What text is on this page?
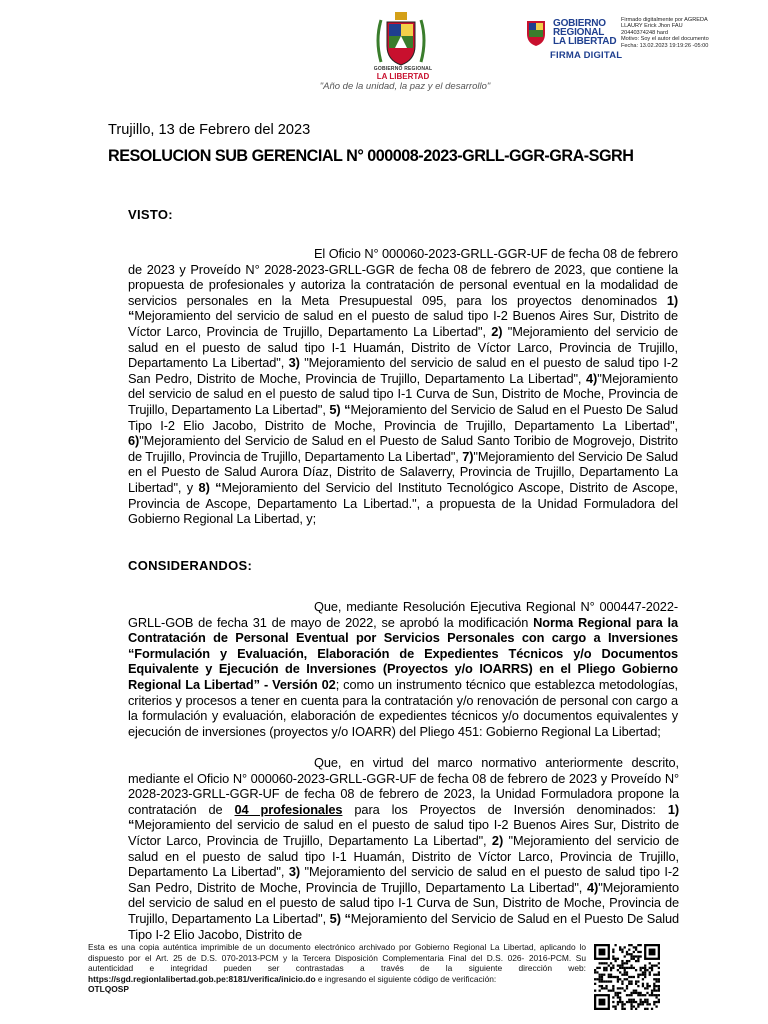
GOBIERNO REGIONAL
LA LIBERTAD
"Año de la unidad, la paz y el desarrollo"
GOBIERNO
REGIONAL
LA LIBERTAD
FIRMA DIGITAL
Firmado digitalmente por AGREDA
LLAURY Erick Jhon FAU
20440374248 hard
Motivo: Soy el autor del documento
Fecha: 13.02.2023 19:19:26 -05:00
Trujillo, 13 de Febrero del 2023
RESOLUCION SUB GERENCIAL N° 000008-2023-GRLL-GGR-GRA-SGRH
VISTO:
El Oficio N° 000060-2023-GRLL-GGR-UF de fecha 08 de febrero de 2023 y Proveído N° 2028-2023-GRLL-GGR de fecha 08 de febrero de 2023, que contiene la propuesta de profesionales y autoriza la contratación de personal eventual en la modalidad de servicios personales en la Meta Presupuestal 095, para los proyectos denominados 1) “Mejoramiento del servicio de salud en el puesto de salud tipo I-2 Buenos Aires Sur, Distrito de Víctor Larco, Provincia de Trujillo, Departamento La Libertad", 2) "Mejoramiento del servicio de salud en el puesto de salud tipo I-1 Huamán, Distrito de Víctor Larco, Provincia de Trujillo, Departamento La Libertad", 3) "Mejoramiento del servicio de salud en el puesto de salud tipo I-2 San Pedro, Distrito de Moche, Provincia de Trujillo, Departamento La Libertad", 4)"Mejoramiento del servicio de salud en el puesto de salud tipo I-1 Curva de Sun, Distrito de Moche, Provincia de Trujillo, Departamento La Libertad", 5) “Mejoramiento del Servicio de Salud en el Puesto De Salud Tipo I-2 Elio Jacobo, Distrito de Moche, Provincia de Trujillo, Departamento La Libertad", 6)"Mejoramiento del Servicio de Salud en el Puesto de Salud Santo Toribio de Mogrovejo, Distrito de Trujillo, Provincia de Trujillo, Departamento La Libertad", 7)"Mejoramiento del Servicio De Salud en el Puesto de Salud Aurora Díaz, Distrito de Salaverry, Provincia de Trujillo, Departamento La Libertad", y 8) “Mejoramiento del Servicio del Instituto Tecnológico Ascope, Distrito de Ascope, Provincia de Ascope, Departamento La Libertad.", a propuesta de la Unidad Formuladora del Gobierno Regional La Libertad, y;
CONSIDERANDOS:
Que, mediante Resolución Ejecutiva Regional N° 000447-2022-GRLL-GOB de fecha 31 de mayo de 2022, se aprobó la modificación Norma Regional para la Contratación de Personal Eventual por Servicios Personales con cargo a Inversiones “Formulación y Evaluación, Elaboración de Expedientes Técnicos y/o Documentos Equivalente y Ejecución de Inversiones (Proyectos y/o IOARRS) en el Pliego Gobierno Regional La Libertad” - Versión 02; como un instrumento técnico que establezca metodologías, criterios y procesos a tener en cuenta para la contratación y/o renovación de personal con cargo a la formulación y evaluación, elaboración de expedientes técnicos y/o documentos equivalentes y ejecución de inversiones (proyectos y/o IOARR) del Pliego 451: Gobierno Regional La Libertad;
Que, en virtud del marco normativo anteriormente descrito, mediante el Oficio N° 000060-2023-GRLL-GGR-UF de fecha 08 de febrero de 2023 y Proveído N° 2028-2023-GRLL-GGR-UF de fecha 08 de febrero de 2023, la Unidad Formuladora propone la contratación de 04 profesionales para los Proyectos de Inversión denominados: 1) “Mejoramiento del servicio de salud en el puesto de salud tipo I-2 Buenos Aires Sur, Distrito de Víctor Larco, Provincia de Trujillo, Departamento La Libertad", 2) "Mejoramiento del servicio de salud en el puesto de salud tipo I-1 Huamán, Distrito de Víctor Larco, Provincia de Trujillo, Departamento La Libertad", 3) "Mejoramiento del servicio de salud en el puesto de salud tipo I-2 San Pedro, Distrito de Moche, Provincia de Trujillo, Departamento La Libertad", 4)"Mejoramiento del servicio de salud en el puesto de salud tipo I-1 Curva de Sun, Distrito de Moche, Provincia de Trujillo, Departamento La Libertad", 5) “Mejoramiento del Servicio de Salud en el Puesto De Salud Tipo I-2 Elio Jacobo, Distrito de
Esta es una copia auténtica imprimible de un documento electrónico archivado por Gobierno Regional La Libertad, aplicando lo dispuesto por el Art. 25 de D.S. 070-2013-PCM y la Tercera Disposición Complementaria Final del D.S. 026- 2016-PCM. Su autenticidad e integridad pueden ser contrastadas a través de la siguiente dirección web: https://sgd.regionlalibertad.gob.pe:8181/verifica/inicio.do e ingresando el siguiente código de verificación:
OTLQOSP
